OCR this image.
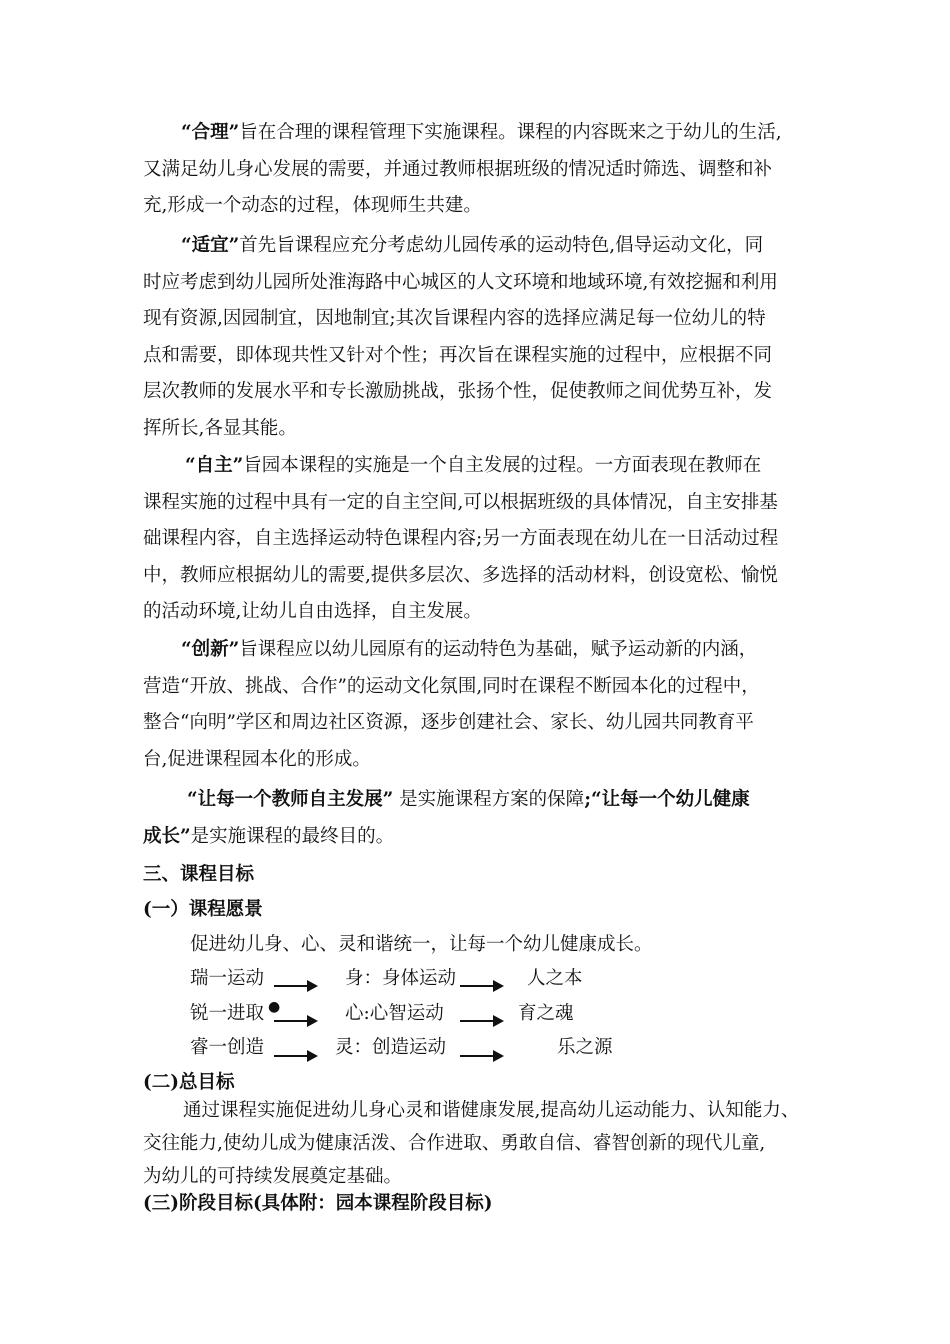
“合理”旨在合理的课程管理下实施课程。课程的内容既来之于幼儿的生活,
又满足幼儿身心发展的需要，并通过教师根据班级的情况适时筛选、调整和补
充,形成一个动态的过程，体现师生共建。
“适宜”首先旨课程应充分考虑幼儿园传承的运动特色,倡导运动文化，同
时应考虑到幼儿园所处淮海路中心城区的人文环境和地域环境,有效挖掘和利用
现有资源,因园制宜，因地制宜;其次旨课程内容的选择应满足每一位幼儿的特
点和需要，即体现共性又针对个性；再次旨在课程实施的过程中，应根据不同
层次教师的发展水平和专长激励挑战，张扬个性，促使教师之间优势互补，发
挥所长,各显其能。
“自主”旨园本课程的实施是一个自主发展的过程。一方面表现在教师在
课程实施的过程中具有一定的自主空间,可以根据班级的具体情况，自主安排基
础课程内容，自主选择运动特色课程内容;另一方面表现在幼儿在一日活动过程
中，教师应根据幼儿的需要,提供多层次、多选择的活动材料，创设宽松、愉悦
的活动环境,让幼儿自由选择，自主发展。
“创新”旨课程应以幼儿园原有的运动特色为基础，赋予运动新的内涵，
营造“开放、挑战、合作”的运动文化氛围,同时在课程不断园本化的过程中，
整合“向明”学区和周边社区资源，逐步创建社会、家长、幼儿园共同教育平
台,促进课程园本化的形成。
“让每一个教师自主发展” 是实施课程方案的保障;“让每一个幼儿健康
成长”是实施课程的最终目的。
三、课程目标
(一）课程愿景
促进幼儿身、心、灵和谐统一，让每一个幼儿健康成长。
瑞一运动	身：身体运动	人之本
锐一进取 ●	心:心智运动	育之魂
睿一创造	灵：创造运动	乐之源
(二)总目标
通过课程实施促进幼儿身心灵和谐健康发展,提高幼儿运动能力、认知能力、
交往能力,使幼儿成为健康活泼、合作进取、勇敢自信、睿智创新的现代儿童,
为幼儿的可持续发展奠定基础。
(三)阶段目标(具体附：园本课程阶段目标)
